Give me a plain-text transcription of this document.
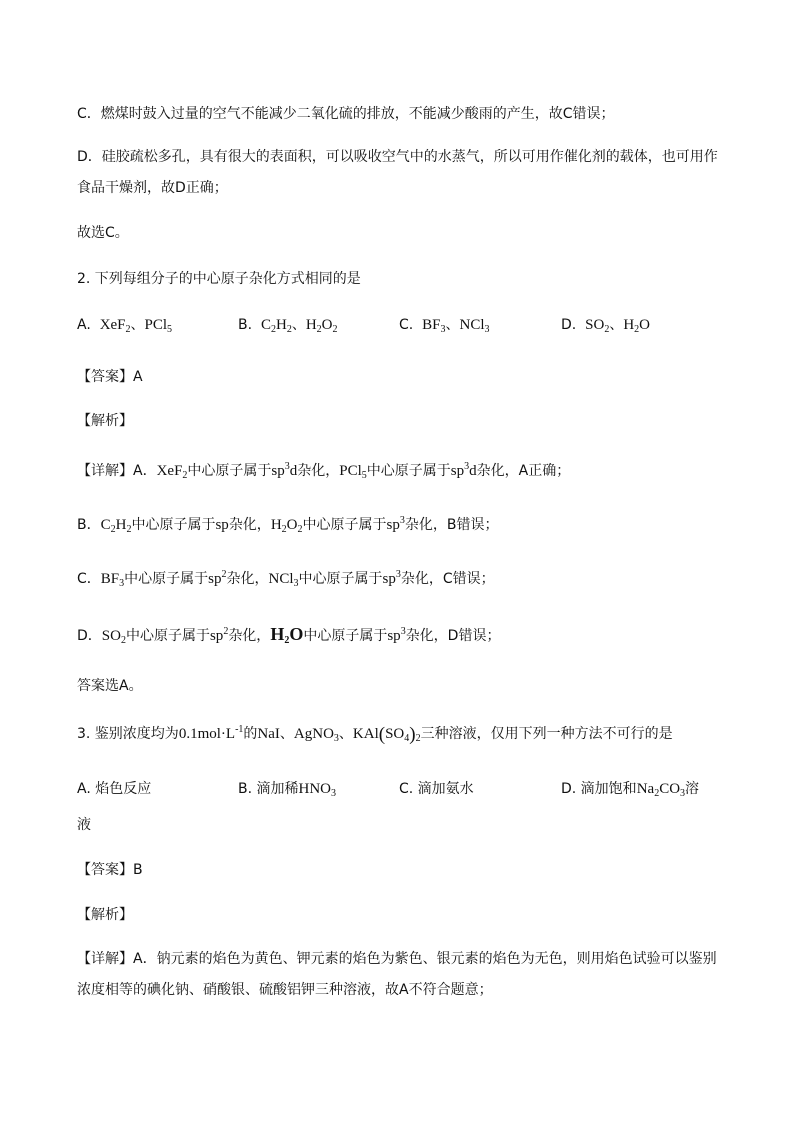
C．燃煤时鼓入过量的空气不能减少二氧化硫的排放，不能减少酸雨的产生，故C错误；
D．硅胶疏松多孔，具有很大的表面积，可以吸收空气中的水蒸气，所以可用作催化剂的载体，也可用作
食品干燥剂，故D正确；
故选C。
2. 下列每组分子的中心原子杂化方式相同的是
A. XeF$_2$、PCl$_5$	B. $C_2H_2$、$H_2O_2$	C. $BF_3$、NCl$_3$	D. $SO_2$、$H_2O$
【答案】A
【解析】
【详解】A．XeF$_2$中心原子属于$sp^3d$杂化，PCl$_5$中心原子属于$sp^3d$杂化，A正确；
B．$C_2H_2$中心原子属于sp杂化，$H_2O_2$中心原子属于$sp^3$杂化，B错误；
C．$BF_3$中心原子属于$sp^2$杂化，NCl$_3$中心原子属于$sp^3$杂化，C错误；
D．$SO_2$中心原子属于$sp^2$杂化，$H_2O$中心原子属于$sp^3$杂化，D错误；
答案选A。
3. 鉴别浓度均为$0.1mol\cdot L^{-1}$的NaI、AgNO$_3$、$KAl(SO_4)_2$三种溶液，仅用下列一种方法不可行的是
A. 焰色反应	B. 滴加稀$HNO_3$	C. 滴加氨水	D. 滴加饱和$Na_2CO_3$溶
液
【答案】B
【解析】
【详解】A．钠元素的焰色为黄色、钾元素的焰色为紫色、银元素的焰色为无色，则用焰色试验可以鉴别
浓度相等的碘化钠、硝酸银、硫酸铝钾三种溶液，故A不符合题意；
